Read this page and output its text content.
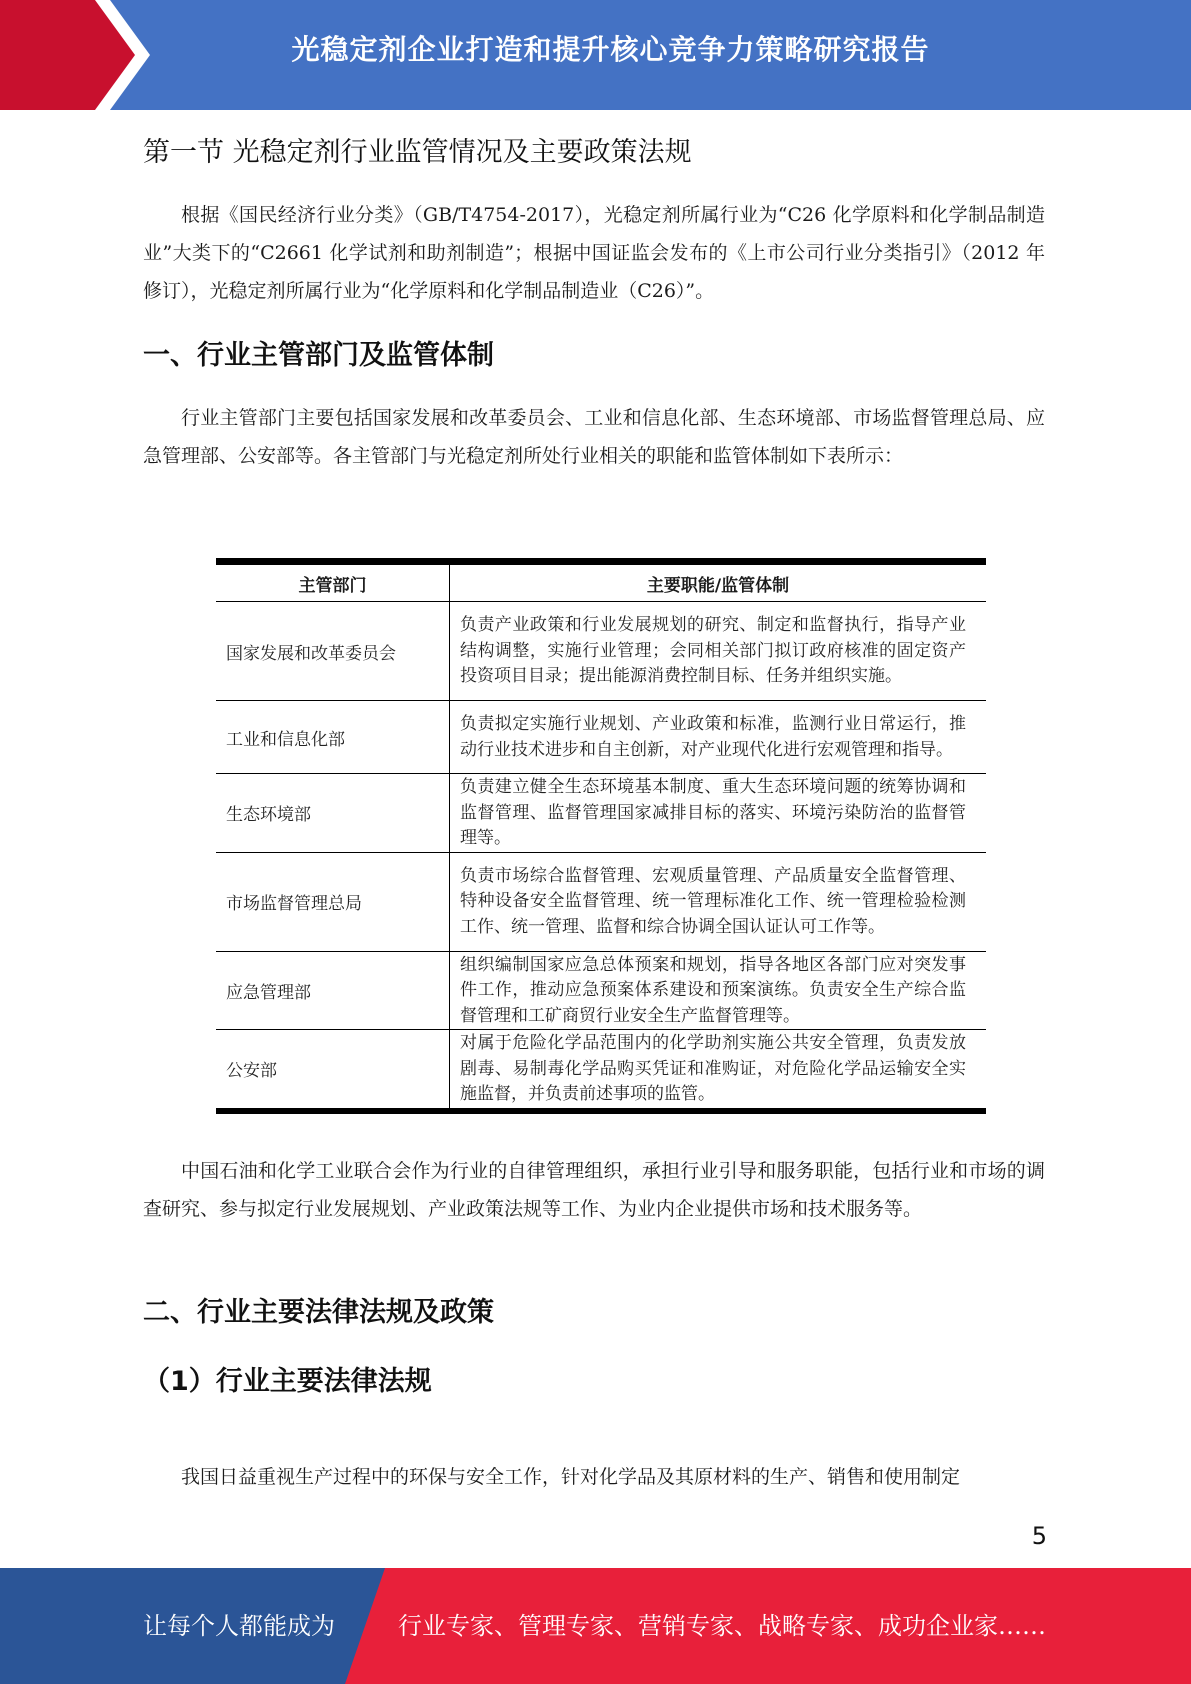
光稳定剂企业打造和提升核心竞争力策略研究报告
第一节 光稳定剂行业监管情况及主要政策法规

根据《国民经济行业分类》（GB/T4754-2017），光稳定剂所属行业为“C26 化学原料和化学制品制造业”大类下的“C2661 化学试剂和助剂制造”；根据中国证监会发布的《上市公司行业分类指引》（2012 年修订），光稳定剂所属行业为“化学原料和化学制品制造业（C26）”。

一、行业主管部门及监管体制

行业主管部门主要包括国家发展和改革委员会、工业和信息化部、生态环境部、市场监督管理总局、应急管理部、公安部等。各主管部门与光稳定剂所处行业相关的职能和监管体制如下表所示：

主管部门	主要职能/监管体制
国家发展和改革委员会	负责产业政策和行业发展规划的研究、制定和监督执行，指导产业结构调整，实施行业管理；会同相关部门拟订政府核准的固定资产投资项目目录；提出能源消费控制目标、任务并组织实施。
工业和信息化部	负责拟定实施行业规划、产业政策和标准，监测行业日常运行，推动行业技术进步和自主创新，对产业现代化进行宏观管理和指导。
生态环境部	负责建立健全生态环境基本制度、重大生态环境问题的统筹协调和监督管理、监督管理国家减排目标的落实、环境污染防治的监督管理等。
市场监督管理总局	负责市场综合监督管理、宏观质量管理、产品质量安全监督管理、特种设备安全监督管理、统一管理标准化工作、统一管理检验检测工作、统一管理、监督和综合协调全国认证认可工作等。
应急管理部	组织编制国家应急总体预案和规划，指导各地区各部门应对突发事件工作，推动应急预案体系建设和预案演练。负责安全生产综合监督管理和工矿商贸行业安全生产监督管理等。
公安部	对属于危险化学品范围内的化学助剂实施公共安全管理，负责发放剧毒、易制毒化学品购买凭证和准购证，对危险化学品运输安全实施监督，并负责前述事项的监管。

中国石油和化学工业联合会作为行业的自律管理组织，承担行业引导和服务职能，包括行业和市场的调查研究、参与拟定行业发展规划、产业政策法规等工作、为业内企业提供市场和技术服务等。

二、行业主要法律法规及政策
（1）行业主要法律法规

我国日益重视生产过程中的环保与安全工作，针对化学品及其原材料的生产、销售和使用制定

5
让每个人都能成为	行业专家、管理专家、营销专家、战略专家、成功企业家……
